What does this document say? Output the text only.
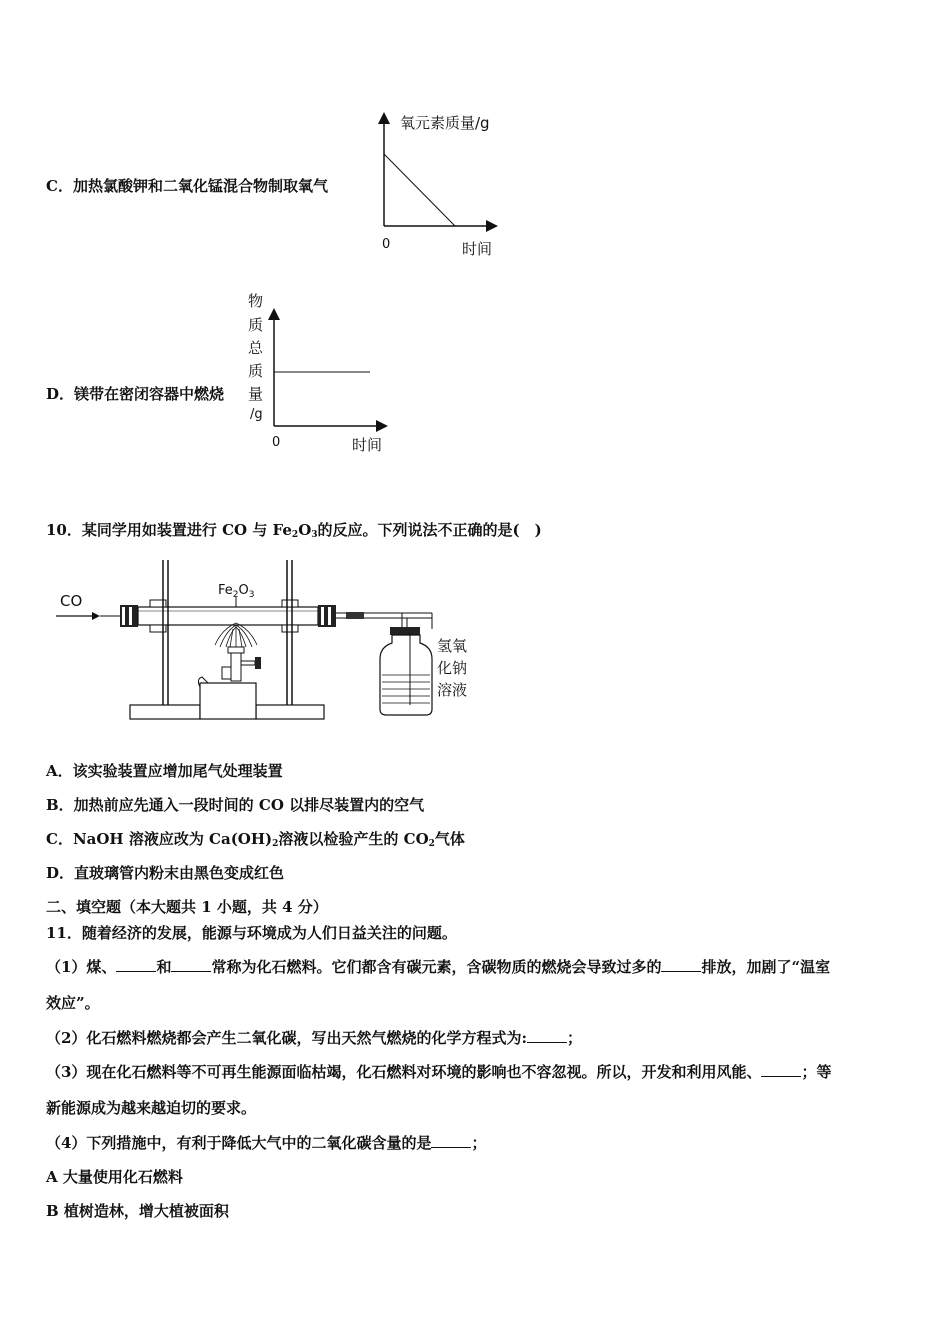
C．加热氯酸钾和二氧化锰混合物制取氧气
氧元素质量/g
0	时间
D．镁带在密闭容器中燃烧
物
质
总
质
量
/g
0	时间
10．某同学用如装置进行 CO 与 $Fe_2O_3$的反应。下列说法不正确的是(　)
CO
$Fe_2O_3$
氢氧
化钠
溶液
A．该实验装置应增加尾气处理装置
B．加热前应先通入一段时间的 CO 以排尽装置内的空气
C．NaOH 溶液应改为 $Ca(OH)_2$溶液以检验产生的 $CO_2$气体
D．直玻璃管内粉末由黑色变成红色
二、填空题（本大题共 1 小题，共 4 分）
11．随着经济的发展，能源与环境成为人们日益关注的问题。
（1）煤、	和	常称为化石燃料。它们都含有碳元素，含碳物质的燃烧会导致过多的	排放，加剧了“温室
效应”。
（2）化石燃料燃烧都会产生二氧化碳，写出天然气燃烧的化学方程式为:	；
（3）现在化石燃料等不可再生能源面临枯竭，化石燃料对环境的影响也不容忽视。所以，开发和利用风能、	；等
新能源成为越来越迫切的要求。
（4）下列措施中，有利于降低大气中的二氧化碳含量的是	；
A 大量使用化石燃料
B 植树造林，增大植被面积
